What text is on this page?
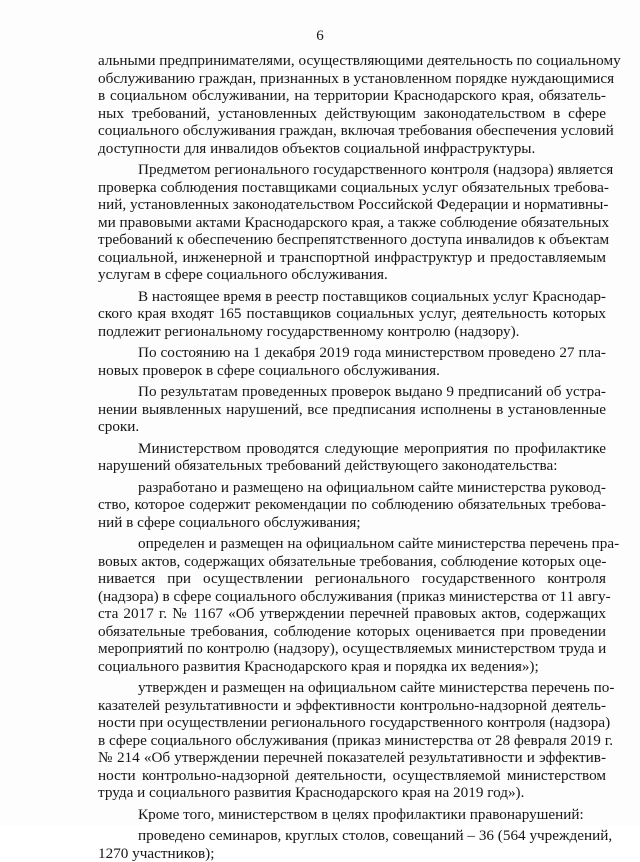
6
альными предпринимателями, осуществляющими деятельность по социальному
обслуживанию граждан, признанных в установленном порядке нуждающимися
в социальном обслуживании, на территории Краснодарского края, обязатель-
ных требований, установленных действующим законодательством в сфере
социального обслуживания граждан, включая требования обеспечения условий
доступности для инвалидов объектов социальной инфраструктуры.
Предметом регионального государственного контроля (надзора) является
проверка соблюдения поставщиками социальных услуг обязательных требова-
ний, установленных законодательством Российской Федерации и нормативны-
ми правовыми актами Краснодарского края, а также соблюдение обязательных
требований к обеспечению беспрепятственного доступа инвалидов к объектам
социальной, инженерной и транспортной инфраструктур и предоставляемым
услугам в сфере социального обслуживания.
В настоящее время в реестр поставщиков социальных услуг Краснодар-
ского края входят 165 поставщиков социальных услуг, деятельность которых
подлежит региональному государственному контролю (надзору).
По состоянию на 1 декабря 2019 года министерством проведено 27 пла-
новых проверок в сфере социального обслуживания.
По результатам проведенных проверок выдано 9 предписаний об устра-
нении выявленных нарушений, все предписания исполнены в установленные
сроки.
Министерством проводятся следующие мероприятия по профилактике
нарушений обязательных требований действующего законодательства:
разработано и размещено на официальном сайте министерства руковод-
ство, которое содержит рекомендации по соблюдению обязательных требова-
ний в сфере социального обслуживания;
определен и размещен на официальном сайте министерства перечень пра-
вовых актов, содержащих обязательные требования, соблюдение которых оце-
нивается при осуществлении регионального государственного контроля
(надзора) в сфере социального обслуживания (приказ министерства от 11 авгу-
ста 2017 г. № 1167 «Об утверждении перечней правовых актов, содержащих
обязательные требования, соблюдение которых оценивается при проведении
мероприятий по контролю (надзору), осуществляемых министерством труда и
социального развития Краснодарского края и порядка их ведения»);
утвержден и размещен на официальном сайте министерства перечень по-
казателей результативности и эффективности контрольно-надзорной деятель-
ности при осуществлении регионального государственного контроля (надзора)
в сфере социального обслуживания (приказ министерства от 28 февраля 2019 г.
№ 214 «Об утверждении перечней показателей результативности и эффектив-
ности контрольно-надзорной деятельности, осуществляемой министерством
труда и социального развития Краснодарского края на 2019 год»).
Кроме того, министерством в целях профилактики правонарушений:
проведено семинаров, круглых столов, совещаний – 36 (564 учреждений,
1270 участников);
